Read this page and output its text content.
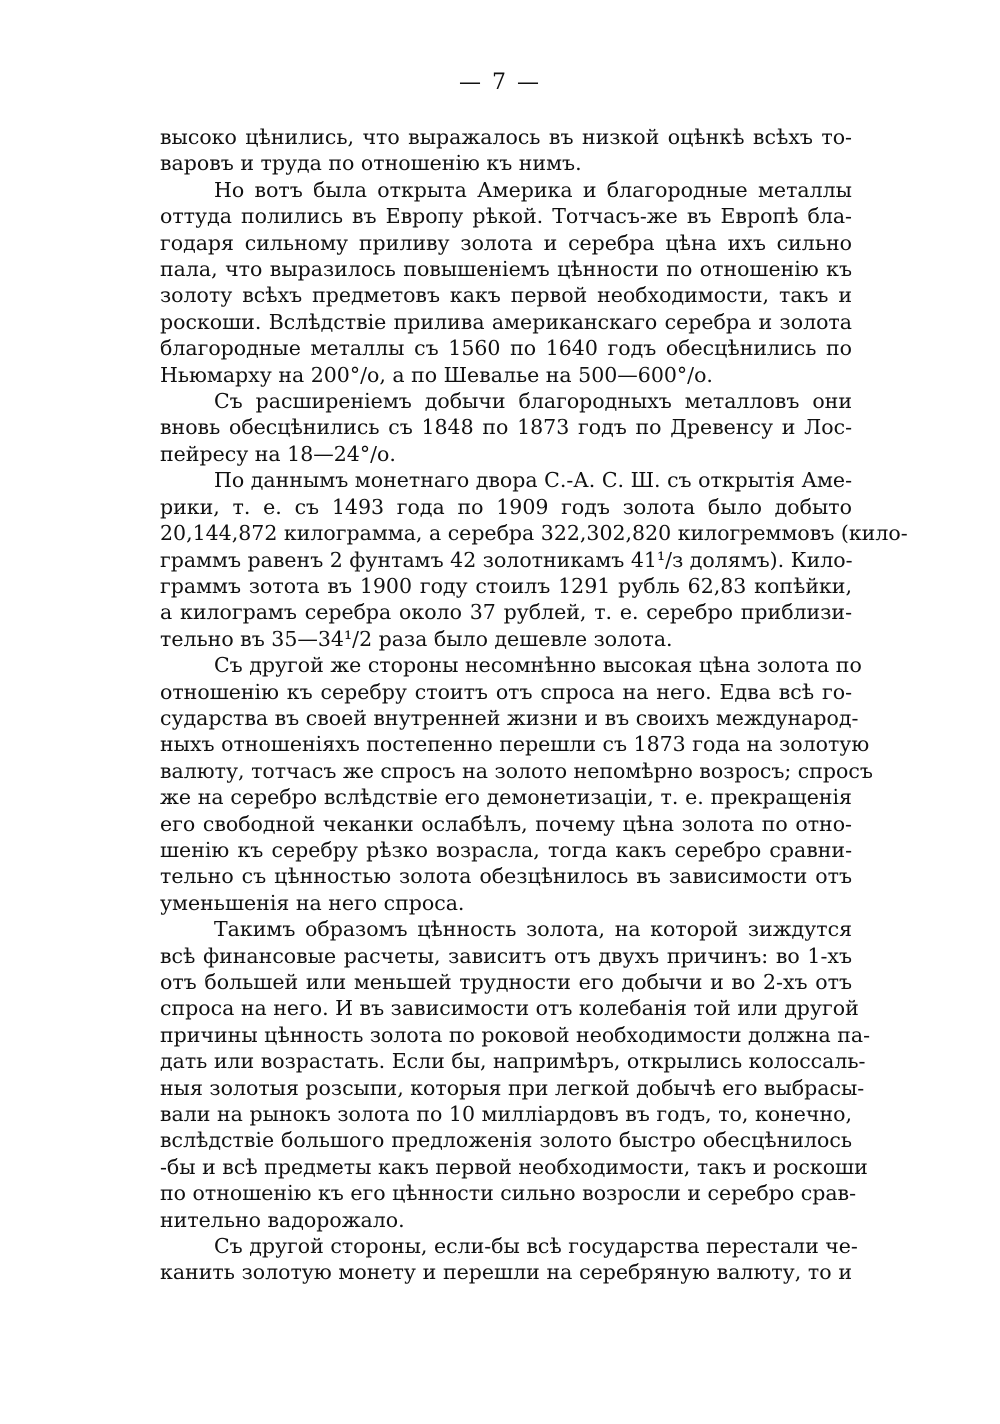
— 7 —
высоко цѣнились, что выражалось въ низкой оцѣнкѣ всѣхъ то-
варовъ и труда по отношенію къ нимъ.
Но вотъ была открыта Америка и благородные металлы
оттуда полились въ Европу рѣкой. Тотчасъ-же въ Европѣ бла-
годаря сильному приливу золота и серебра цѣна ихъ сильно
пала, что выразилось повышеніемъ цѣнности по отношенію къ
золоту всѣхъ предметовъ какъ первой необходимости, такъ и
роскоши. Вслѣдствіе прилива американскаго серебра и золота
благородные металлы съ 1560 по 1640 годъ обесцѣнились по
Ньюмарху на 200°/о, а по Шевалье на 500—600°/о.
Съ расширеніемъ добычи благородныхъ металловъ они
вновь обесцѣнились съ 1848 по 1873 годъ по Древенсу и Лос-
пейресу на 18—24°/о.
По даннымъ монетнаго двора С.-А. С. Ш. съ открытія Аме-
рики, т. е. съ 1493 года по 1909 годъ золота было добыто
20,144,872 килограмма, а серебра 322,302,820 килогреммовъ (кило-
граммъ равенъ 2 фунтамъ 42 золотникамъ 41¹/з долямъ). Кило-
граммъ зотота въ 1900 году стоилъ 1291 рубль 62,83 копѣйки,
а килограмъ серебра около 37 рублей, т. е. серебро приблизи-
тельно въ 35—34¹/2 раза было дешевле золота.
Съ другой же стороны несомнѣнно высокая цѣна золота по
отношенію къ серебру стоитъ отъ спроса на него. Едва всѣ го-
сударства въ своей внутренней жизни и въ своихъ международ-
ныхъ отношеніяхъ постепенно перешли съ 1873 года на золотую
валюту, тотчасъ же спросъ на золото непомѣрно возросъ; спросъ
же на серебро вслѣдствіе его демонетизаціи, т. е. прекращенія
его свободной чеканки ослабѣлъ, почему цѣна золота по отно-
шенію къ серебру рѣзко возрасла, тогда какъ серебро сравни-
тельно съ цѣнностью золота обезцѣнилось въ зависимости отъ
уменьшенія на него спроса.
Такимъ образомъ цѣнность золота, на которой зиждутся
всѣ финансовые расчеты, зависитъ отъ двухъ причинъ: во 1-хъ
отъ большей или меньшей трудности его добычи и во 2-хъ отъ
спроса на него. И въ зависимости отъ колебанія той или другой
причины цѣнность золота по роковой необходимости должна па-
дать или возрастать. Если бы, напримѣръ, открылись колоссаль-
ныя золотыя розсыпи, которыя при легкой добычѣ его выбрасы-
вали на рынокъ золота по 10 милліардовъ въ годъ, то, конечно,
вслѣдствіе большого предложенія золото быстро обесцѣнилось
-бы и всѣ предметы какъ первой необходимости, такъ и роскоши
по отношенію къ его цѣнности сильно возросли и серебро срав-
нительно вадорожало.
Съ другой стороны, если-бы всѣ государства перестали че-
канить золотую монету и перешли на серебряную валюту, то и
